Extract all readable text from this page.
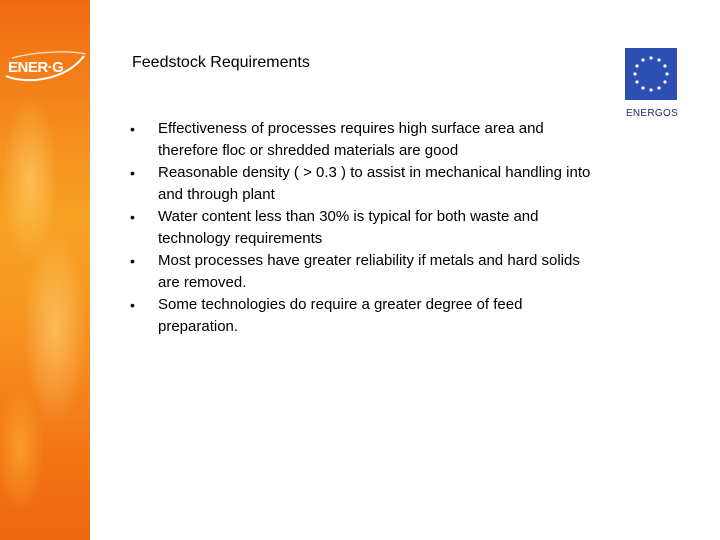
ENER·G	Feedstock Requirements
• Effectiveness of processes requires high surface area and therefore floc or shredded materials are good
• Reasonable density ( > 0.3 ) to assist in mechanical handling into and through plant
• Water content less than 30% is typical for both waste and technology requirements
• Most processes have greater reliability if metals and hard solids are removed.
• Some technologies do require a greater degree of feed preparation.
ENERGOS
